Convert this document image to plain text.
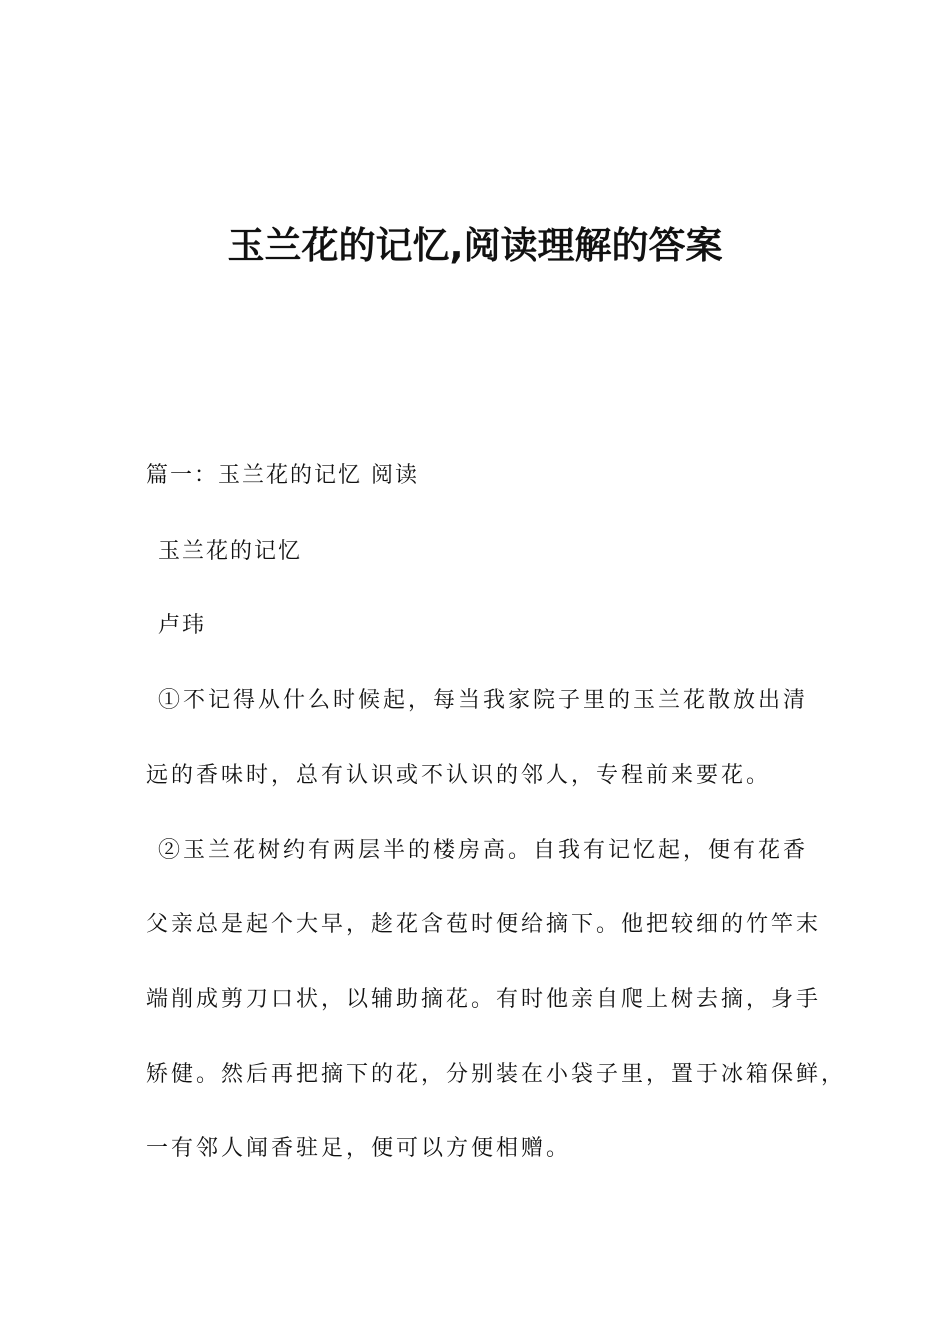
玉兰花的记忆,阅读理解的答案
篇一：玉兰花的记忆 阅读
玉兰花的记忆
卢玮
①不记得从什么时候起，每当我家院子里的玉兰花散放出清
远的香味时，总有认识或不认识的邻人，专程前来要花。
②玉兰花树约有两层半的楼房高。自我有记忆起，便有花香
父亲总是起个大早，趁花含苞时便给摘下。他把较细的竹竿末
端削成剪刀口状，以辅助摘花。有时他亲自爬上树去摘，身手
矫健。然后再把摘下的花，分别装在小袋子里，置于冰箱保鲜，
一有邻人闻香驻足，便可以方便相赠。
